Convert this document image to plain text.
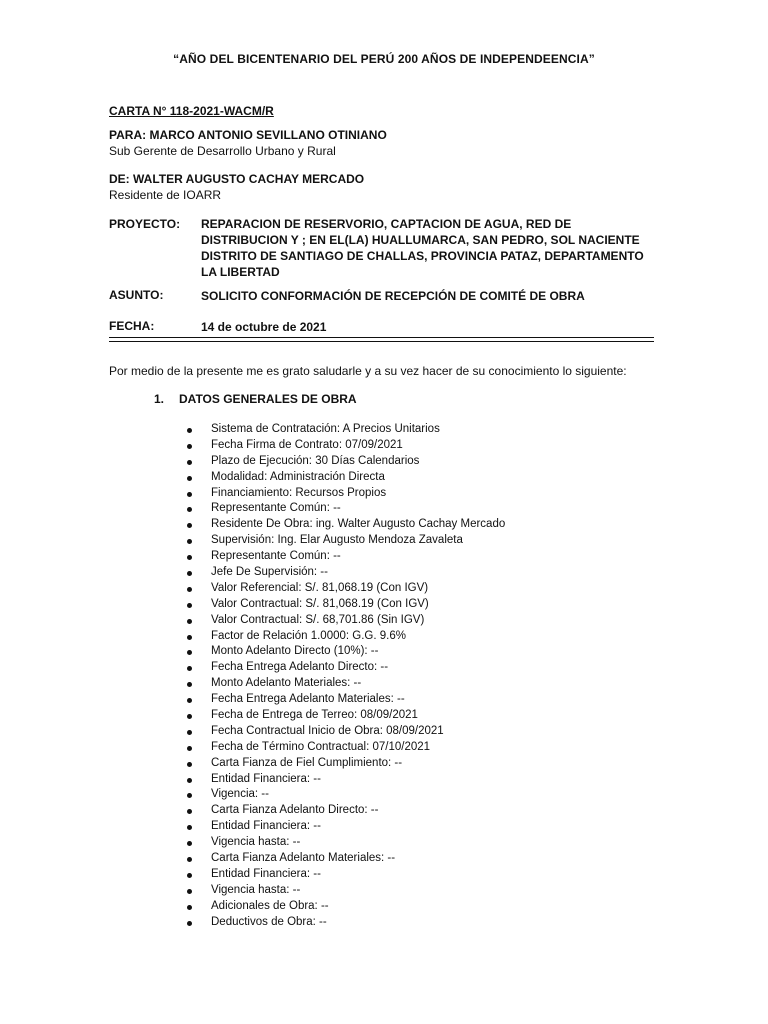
“AÑO DEL BICENTENARIO DEL PERÚ 200 AÑOS DE INDEPENDEENCIA”
CARTA N° 118-2021-WACM/R
PARA: MARCO ANTONIO SEVILLANO OTINIANO
Sub Gerente de Desarrollo Urbano y Rural
DE: WALTER AUGUSTO CACHAY MERCADO
Residente de IOARR
PROYECTO:	REPARACION DE RESERVORIO, CAPTACION DE AGUA, RED DE DISTRIBUCION Y ; EN EL(LA) HUALLUMARCA, SAN PEDRO, SOL NACIENTE DISTRITO DE SANTIAGO DE CHALLAS, PROVINCIA PATAZ, DEPARTAMENTO LA LIBERTAD
ASUNTO:	SOLICITO CONFORMACIÓN DE RECEPCIÓN DE COMITÉ DE OBRA
FECHA:	14 de octubre de 2021
Por medio de la presente me es grato saludarle y a su vez hacer de su conocimiento lo siguiente:
1. DATOS GENERALES DE OBRA
Sistema de Contratación: A Precios Unitarios
Fecha Firma de Contrato: 07/09/2021
Plazo de Ejecución: 30 Días Calendarios
Modalidad: Administración Directa
Financiamiento: Recursos Propios
Representante Común: --
Residente De Obra: ing. Walter Augusto Cachay Mercado
Supervisión: Ing. Elar Augusto Mendoza Zavaleta
Representante Común: --
Jefe De Supervisión: --
Valor Referencial: S/. 81,068.19 (Con IGV)
Valor Contractual: S/. 81,068.19 (Con IGV)
Valor Contractual: S/. 68,701.86 (Sin IGV)
Factor de Relación 1.0000: G.G. 9.6%
Monto Adelanto Directo (10%): --
Fecha Entrega Adelanto Directo: --
Monto Adelanto Materiales: --
Fecha Entrega Adelanto Materiales: --
Fecha de Entrega de Terreo: 08/09/2021
Fecha Contractual Inicio de Obra: 08/09/2021
Fecha de Término Contractual: 07/10/2021
Carta Fianza de Fiel Cumplimiento: --
Entidad Financiera: --
Vigencia: --
Carta Fianza Adelanto Directo: --
Entidad Financiera: --
Vigencia hasta: --
Carta Fianza Adelanto Materiales: --
Entidad Financiera: --
Vigencia hasta: --
Adicionales de Obra: --
Deductivos de Obra: --
